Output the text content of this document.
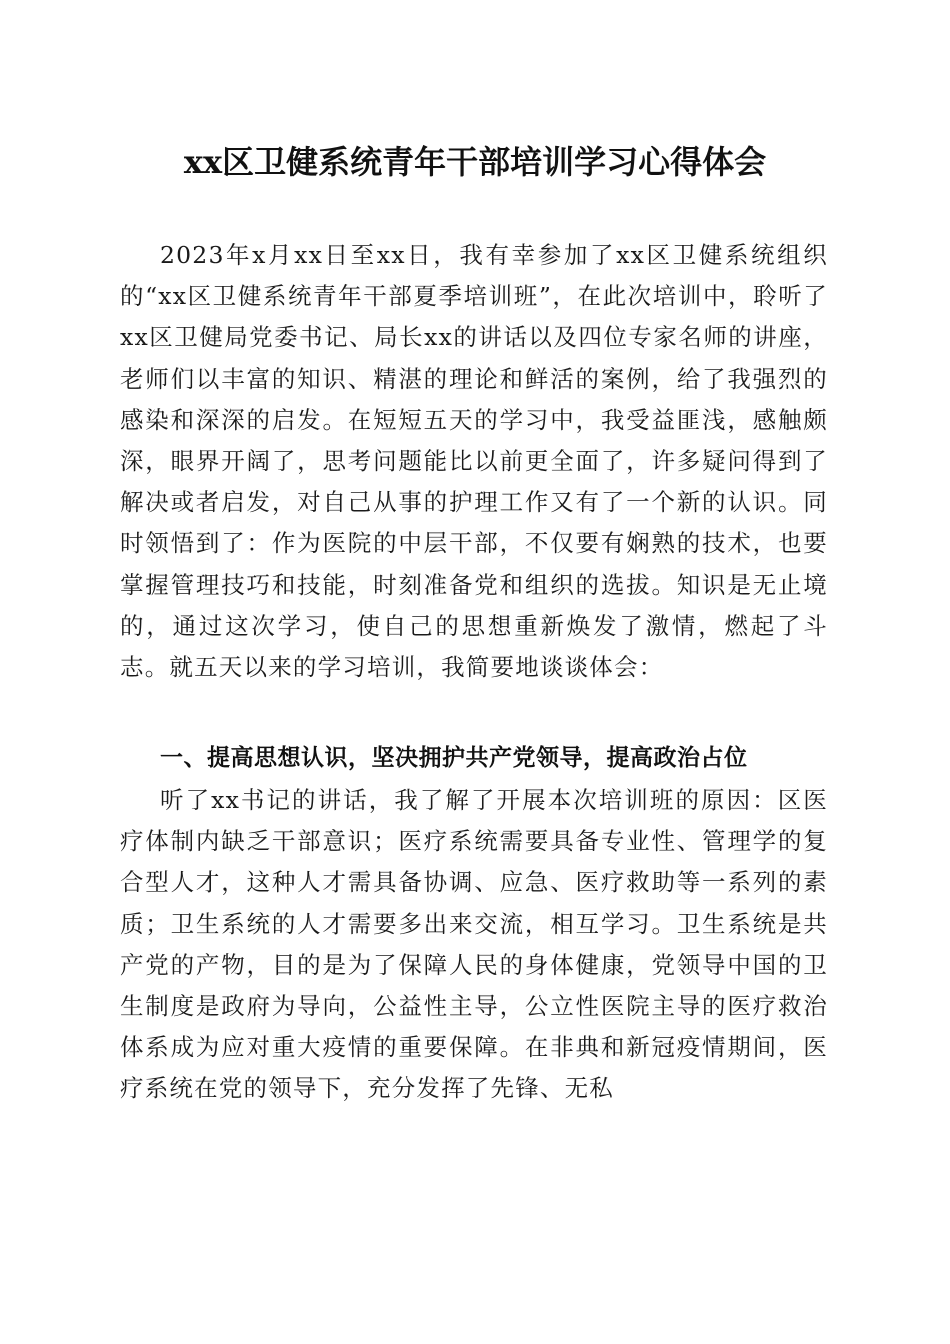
xx区卫健系统青年干部培训学习心得体会
2023年x月xx日至xx日，我有幸参加了xx区卫健系统组织的“xx区卫健系统青年干部夏季培训班”，在此次培训中，聆听了xx区卫健局党委书记、局长xx的讲话以及四位专家名师的讲座，老师们以丰富的知识、精湛的理论和鲜活的案例，给了我强烈的感染和深深的启发。在短短五天的学习中，我受益匪浅，感触颇深，眼界开阔了，思考问题能比以前更全面了，许多疑问得到了解决或者启发，对自己从事的护理工作又有了一个新的认识。同时领悟到了：作为医院的中层干部，不仅要有娴熟的技术，也要掌握管理技巧和技能，时刻准备党和组织的选拔。知识是无止境的，通过这次学习，使自己的思想重新焕发了激情，燃起了斗志。就五天以来的学习培训，我简要地谈谈体会：
一、提高思想认识，坚决拥护共产党领导，提高政治占位
听了xx书记的讲话，我了解了开展本次培训班的原因：区医疗体制内缺乏干部意识；医疗系统需要具备专业性、管理学的复合型人才，这种人才需具备协调、应急、医疗救助等一系列的素质；卫生系统的人才需要多出来交流，相互学习。卫生系统是共产党的产物，目的是为了保障人民的身体健康，党领导中国的卫生制度是政府为导向，公益性主导，公立性医院主导的医疗救治体系成为应对重大疫情的重要保障。在非典和新冠疫情期间，医疗系统在党的领导下，充分发挥了先锋、无私
